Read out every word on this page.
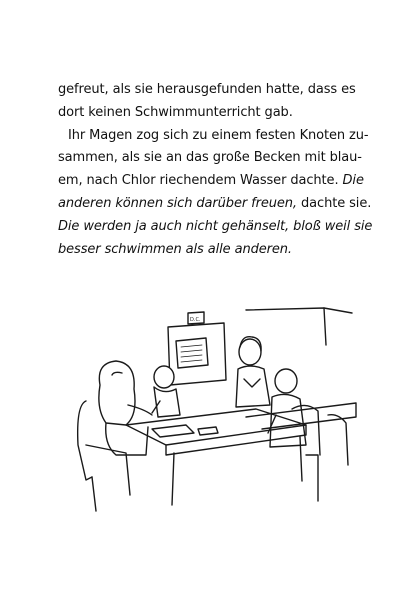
gefreut, als sie herausgefunden hatte, dass es
dort keinen Schwimmunterricht gab.
Ihr Magen zog sich zu einem festen Knoten zu-
sammen, als sie an das große Becken mit blau-
em, nach Chlor riechendem Wasser dachte. Die
anderen können sich darüber freuen, dachte sie.
Die werden ja auch nicht gehänselt, bloß weil sie
besser schwimmen als alle anderen.
D.C.
